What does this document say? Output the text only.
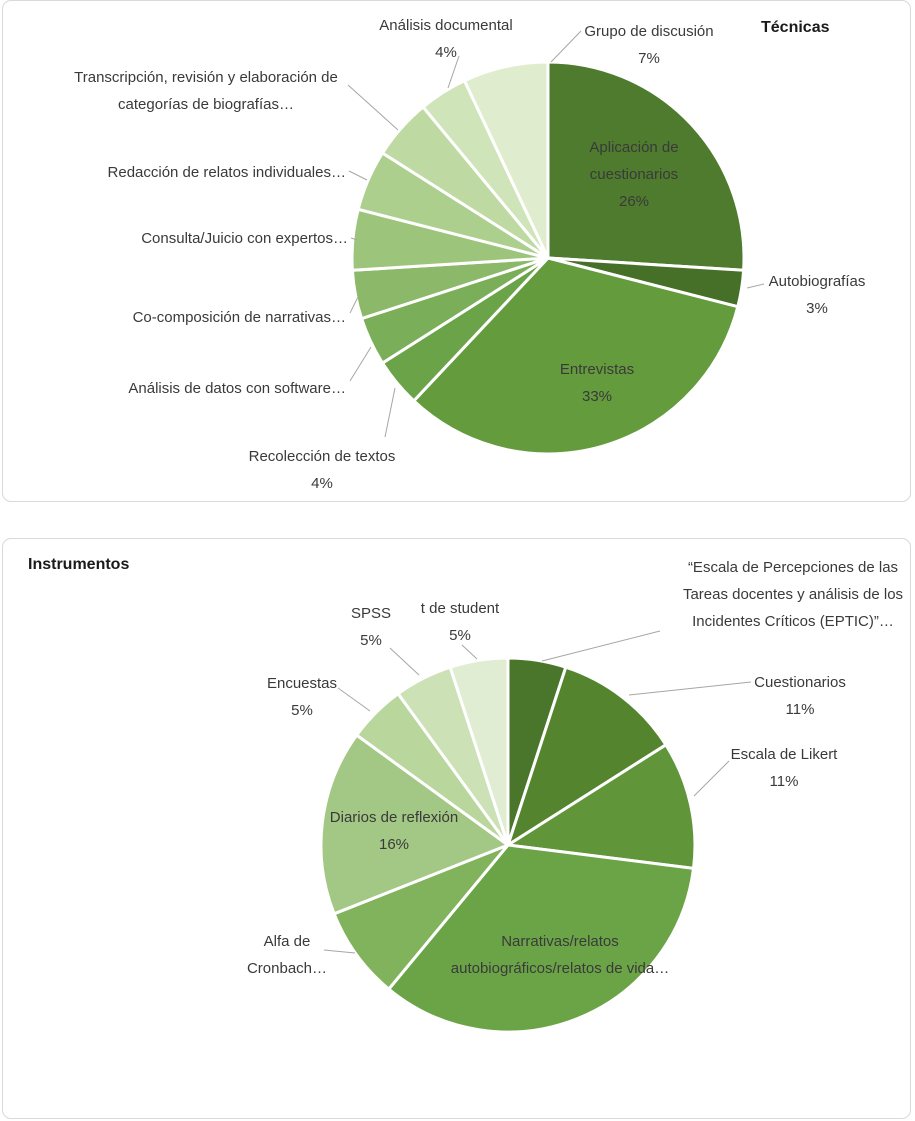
Técnicas
Instrumentos
Aplicación de
cuestionarios
26%
Autobiografías
3%
Entrevistas
33%
Recolección de textos
4%
Análisis de datos con software…
Co-composición de narrativas…
Consulta/Juicio con expertos…
Redacción de relatos individuales…
Transcripción, revisión y elaboración de
categorías de biografías…
Análisis documental
4%
Grupo de discusión
7%
“Escala de Percepciones de las
Tareas docentes y análisis de los
Incidentes Críticos (EPTIC)”…
Cuestionarios
11%
Escala de Likert
11%
Narrativas/relatos
autobiográficos/relatos de vida…
Alfa de
Cronbach…
Diarios de reflexión
16%
Encuestas
5%
SPSS
5%
t de student
5%
